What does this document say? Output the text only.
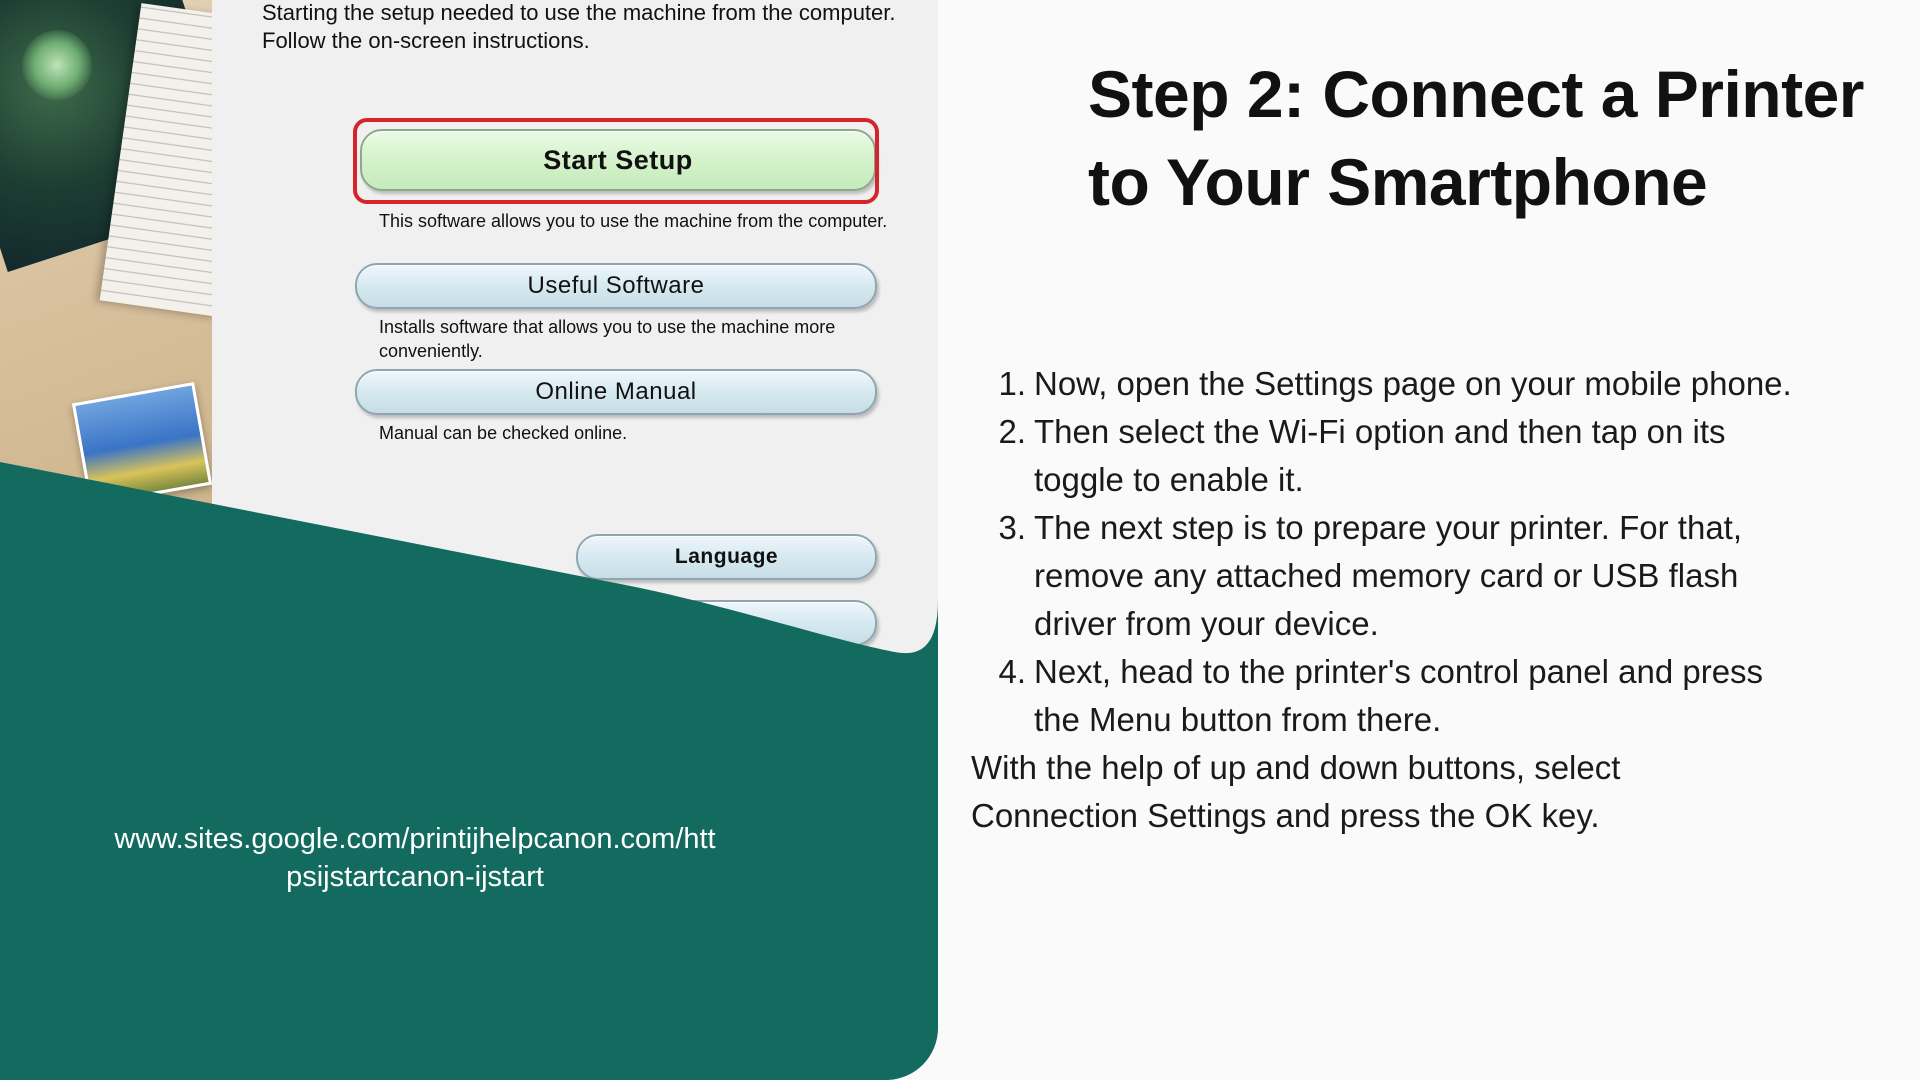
Starting the setup needed to use the machine from the computer.
Follow the on-screen instructions.
Start Setup
This software allows you to use the machine from the computer.
Useful Software
Installs software that allows you to use the machine more
conveniently.
Online Manual
Manual can be checked online.
Language
www.sites.google.com/printijhelpcanon.com/htt
psijstartcanon-ijstart
Step 2: Connect a Printer
to Your Smartphone
1. Now, open the Settings page on your mobile phone.
2. Then select the Wi-Fi option and then tap on its
toggle to enable it.
3. The next step is to prepare your printer. For that,
remove any attached memory card or USB flash
driver from your device.
4. Next, head to the printer's control panel and press
the Menu button from there.

With the help of up and down buttons, select
Connection Settings and press the OK key.
